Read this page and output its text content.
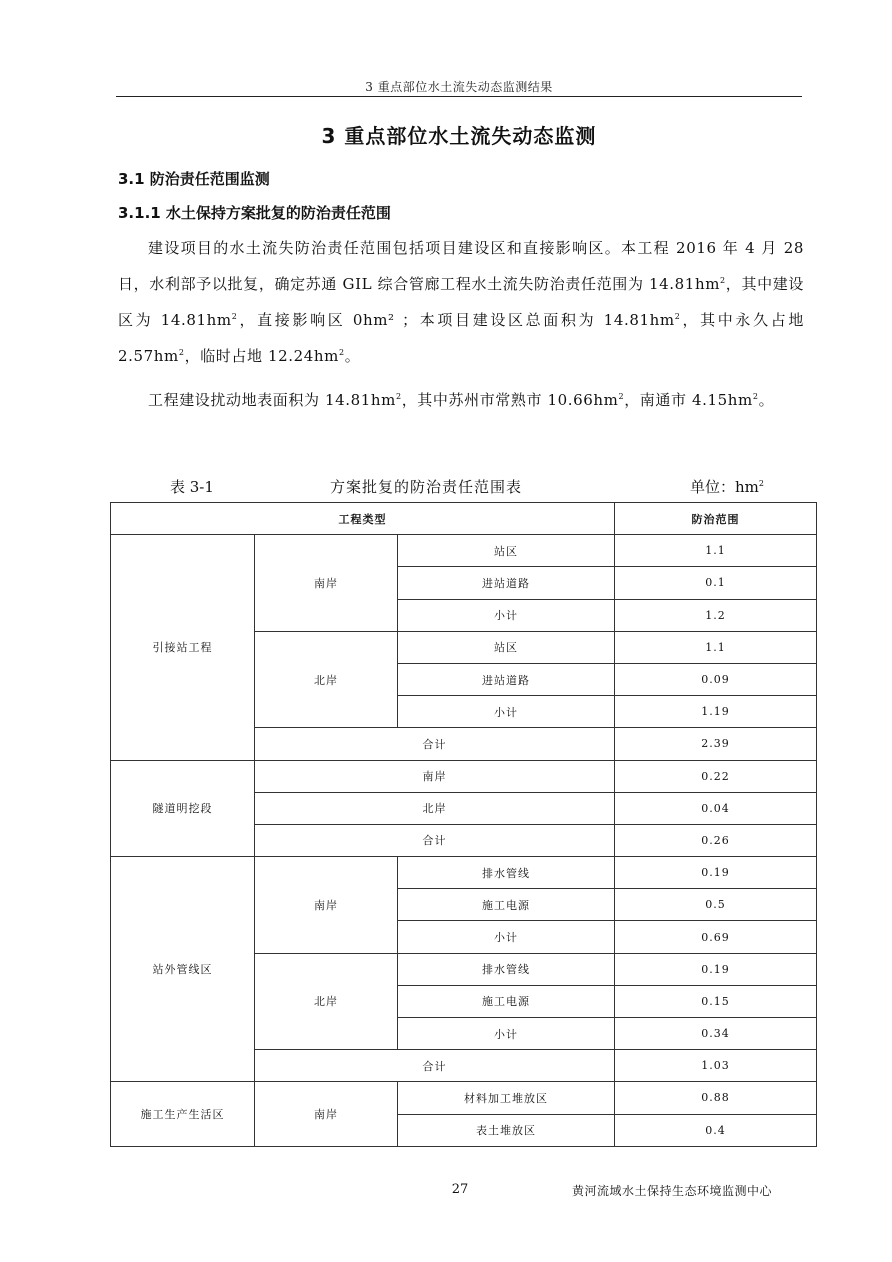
3 重点部位水土流失动态监测结果
3 重点部位水土流失动态监测
3.1 防治责任范围监测
3.1.1 水土保持方案批复的防治责任范围

建设项目的水土流失防治责任范围包括项目建设区和直接影响区。本工程 2016 年 4 月 28 日，水利部予以批复，确定苏通 GIL 综合管廊工程水土流失防治责任范围为 $14.81hm^2$，其中建设区为 $14.81hm^2$，直接影响区 0hm² ；本项目建设区总面积为 $14.81hm^2$，其中永久占地 $2.57hm^2$，临时占地 $12.24hm^2$。

工程建设扰动地表面积为 $14.81hm^2$，其中苏州市常熟市 $10.66hm^2$，南通市 $4.15hm^2$。

表 3-1	方案批复的防治责任范围表	单位：$hm^2$
工程类型			防治范围
引接站工程	南岸	站区	1.1
		进站道路	0.1
		小计	1.2
	北岸	站区	1.1
		进站道路	0.09
		小计	1.19
	合计		2.39
隧道明挖段	南岸		0.22
	北岸		0.04
	合计		0.26
站外管线区	南岸	排水管线	0.19
		施工电源	0.5
		小计	0.69
	北岸	排水管线	0.19
		施工电源	0.15
		小计	0.34
	合计		1.03
施工生产生活区	南岸	材料加工堆放区	0.88
		表土堆放区	0.4
27	黄河流域水土保持生态环境监测中心
